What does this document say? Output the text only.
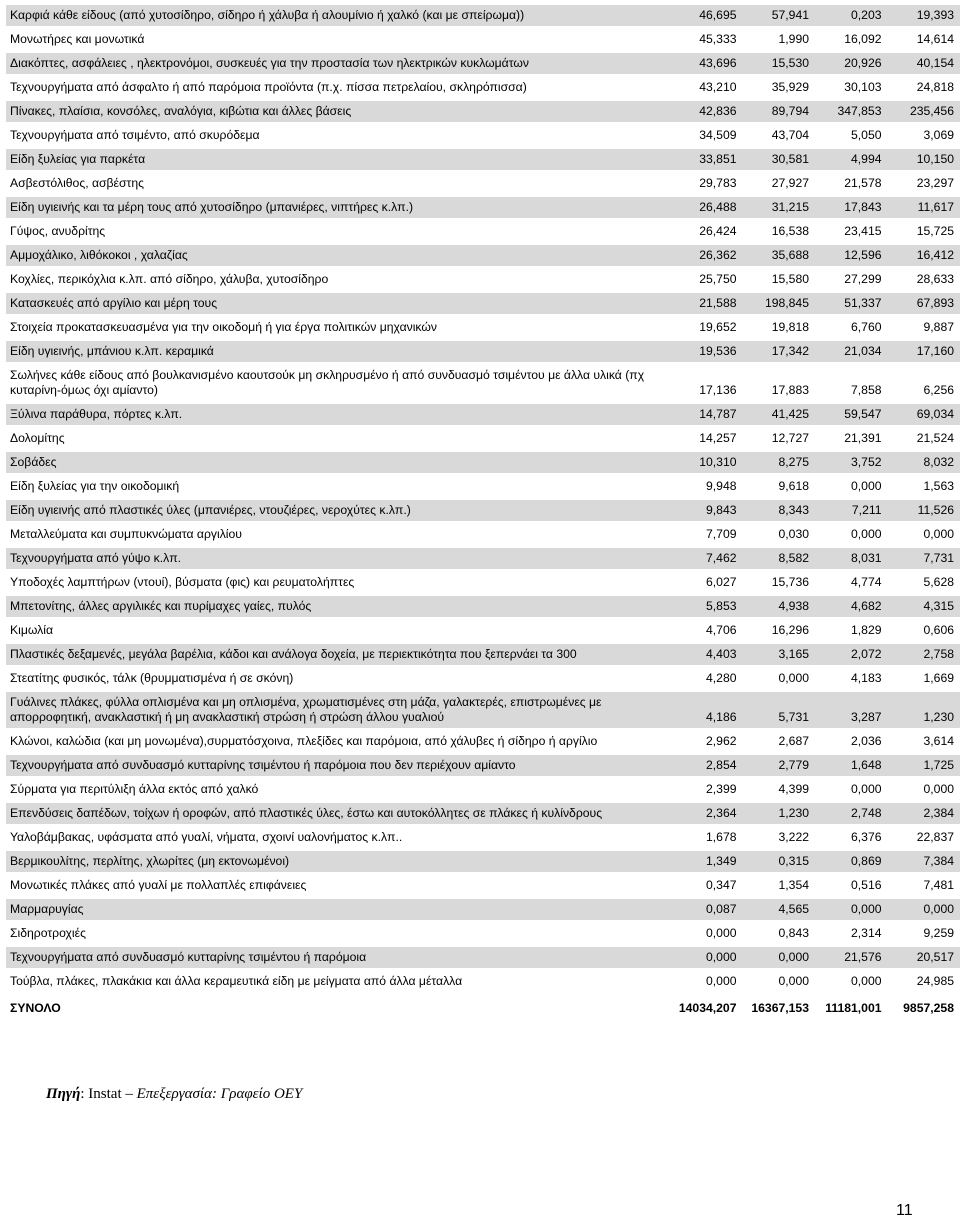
Καρφιά κάθε είδους (από χυτοσίδηρο, σίδηρο ή χάλυβα ή αλουμίνιο ή χαλκό (και με σπείρωμα))	46,695	57,941	0,203	19,393
Μονωτήρες και μονωτικά	45,333	1,990	16,092	14,614
Διακόπτες, ασφάλειες , ηλεκτρονόμοι, συσκευές για την προστασία των ηλεκτρικών κυκλωμάτων	43,696	15,530	20,926	40,154
Τεχνουργήματα από άσφαλτο ή από παρόμοια προϊόντα (π.χ. πίσσα πετρελαίου, σκληρόπισσα)	43,210	35,929	30,103	24,818
Πίνακες, πλαίσια, κονσόλες, αναλόγια, κιβώτια και άλλες βάσεις	42,836	89,794	347,853	235,456
Τεχνουργήματα από τσιμέντο, από σκυρόδεμα	34,509	43,704	5,050	3,069
Είδη ξυλείας για παρκέτα	33,851	30,581	4,994	10,150
Ασβεστόλιθος, ασβέστης	29,783	27,927	21,578	23,297
Είδη υγιεινής και τα μέρη τους από χυτοσίδηρο (μπανιέρες, νιπτήρες κ.λπ.)	26,488	31,215	17,843	11,617
Γύψος, ανυδρίτης	26,424	16,538	23,415	15,725
Αμμοχάλικο, λιθόκοκοι , χαλαζίας	26,362	35,688	12,596	16,412
Κοχλίες, περικόχλια κ.λπ. από σίδηρο, χάλυβα, χυτοσίδηρο	25,750	15,580	27,299	28,633
Κατασκευές από αργίλιο και μέρη τους	21,588	198,845	51,337	67,893
Στοιχεία προκατασκευασμένα για την οικοδομή ή για έργα πολιτικών μηχανικών	19,652	19,818	6,760	9,887
Είδη υγιεινής, μπάνιου κ.λπ. κεραμικά	19,536	17,342	21,034	17,160
Σωλήνες κάθε είδους από βουλκανισμένο καουτσούκ μη σκληρυσμένο ή από συνδυασμό τσιμέντου με άλλα υλικά (πχ κυταρίνη-όμως όχι αμίαντο)	17,136	17,883	7,858	6,256
Ξύλινα παράθυρα, πόρτες κ.λπ.	14,787	41,425	59,547	69,034
Δολομίτης	14,257	12,727	21,391	21,524
Σοβάδες	10,310	8,275	3,752	8,032
Είδη ξυλείας για την οικοδομική	9,948	9,618	0,000	1,563
Είδη υγιεινής από πλαστικές ύλες (μπανιέρες, ντουζιέρες, νεροχύτες κ.λπ.)	9,843	8,343	7,211	11,526
Μεταλλεύματα και συμπυκνώματα αργιλίου	7,709	0,030	0,000	0,000
Τεχνουργήματα από γύψο κ.λπ.	7,462	8,582	8,031	7,731
Υποδοχές λαμπτήρων (ντουί), βύσματα (φις) και ρευματολήπτες	6,027	15,736	4,774	5,628
Μπετονίτης, άλλες αργιλικές και πυρίμαχες γαίες, πυλός	5,853	4,938	4,682	4,315
Κιμωλία	4,706	16,296	1,829	0,606
Πλαστικές δεξαμενές, μεγάλα βαρέλια, κάδοι και ανάλογα δοχεία, με περιεκτικότητα που ξεπερνάει τα 300	4,403	3,165	2,072	2,758
Στεατίτης φυσικός, τάλκ (θρυμματισμένα ή σε σκόνη)	4,280	0,000	4,183	1,669
Γυάλινες πλάκες, φύλλα οπλισμένα και μη οπλισμένα, χρωματισμένες στη μάζα, γαλακτερές, επιστρωμένες με απορροφητική, ανακλαστική ή μη ανακλαστική στρώση ή στρώση άλλου γυαλιού	4,186	5,731	3,287	1,230
Κλώνοι, καλώδια (και μη μονωμένα),συρματόσχοινα, πλεξίδες και παρόμοια, από χάλυβες ή σίδηρο ή αργίλιο	2,962	2,687	2,036	3,614
Τεχνουργήματα από συνδυασμό κυτταρίνης τσιμέντου ή παρόμοια που δεν περιέχουν αμίαντο	2,854	2,779	1,648	1,725
Σύρματα για περιτύλιξη άλλα εκτός από χαλκό	2,399	4,399	0,000	0,000
Επενδύσεις δαπέδων, τοίχων ή οροφών, από πλαστικές ύλες, έστω και αυτοκόλλητες σε πλάκες ή κυλίνδρους	2,364	1,230	2,748	2,384
Υαλοβάμβακας, υφάσματα από γυαλί, νήματα, σχοινί υαλονήματος κ.λπ..	1,678	3,222	6,376	22,837
Βερμικουλίτης, περλίτης, χλωρίτες (μη εκτονωμένοι)	1,349	0,315	0,869	7,384
Μονωτικές πλάκες από γυαλί με πολλαπλές επιφάνειες	0,347	1,354	0,516	7,481
Μαρμαρυγίας	0,087	4,565	0,000	0,000
Σιδηροτροχιές	0,000	0,843	2,314	9,259
Τεχνουργήματα από συνδυασμό κυτταρίνης τσιμέντου ή παρόμοια	0,000	0,000	21,576	20,517
Τούβλα, πλάκες, πλακάκια και άλλα κεραμευτικά είδη με μείγματα από άλλα μέταλλα	0,000	0,000	0,000	24,985
ΣΥΝΟΛΟ	14034,207	16367,153	11181,001	9857,258
Πηγή: Instat – Επεξεργασία: Γραφείο ΟΕΥ
11
